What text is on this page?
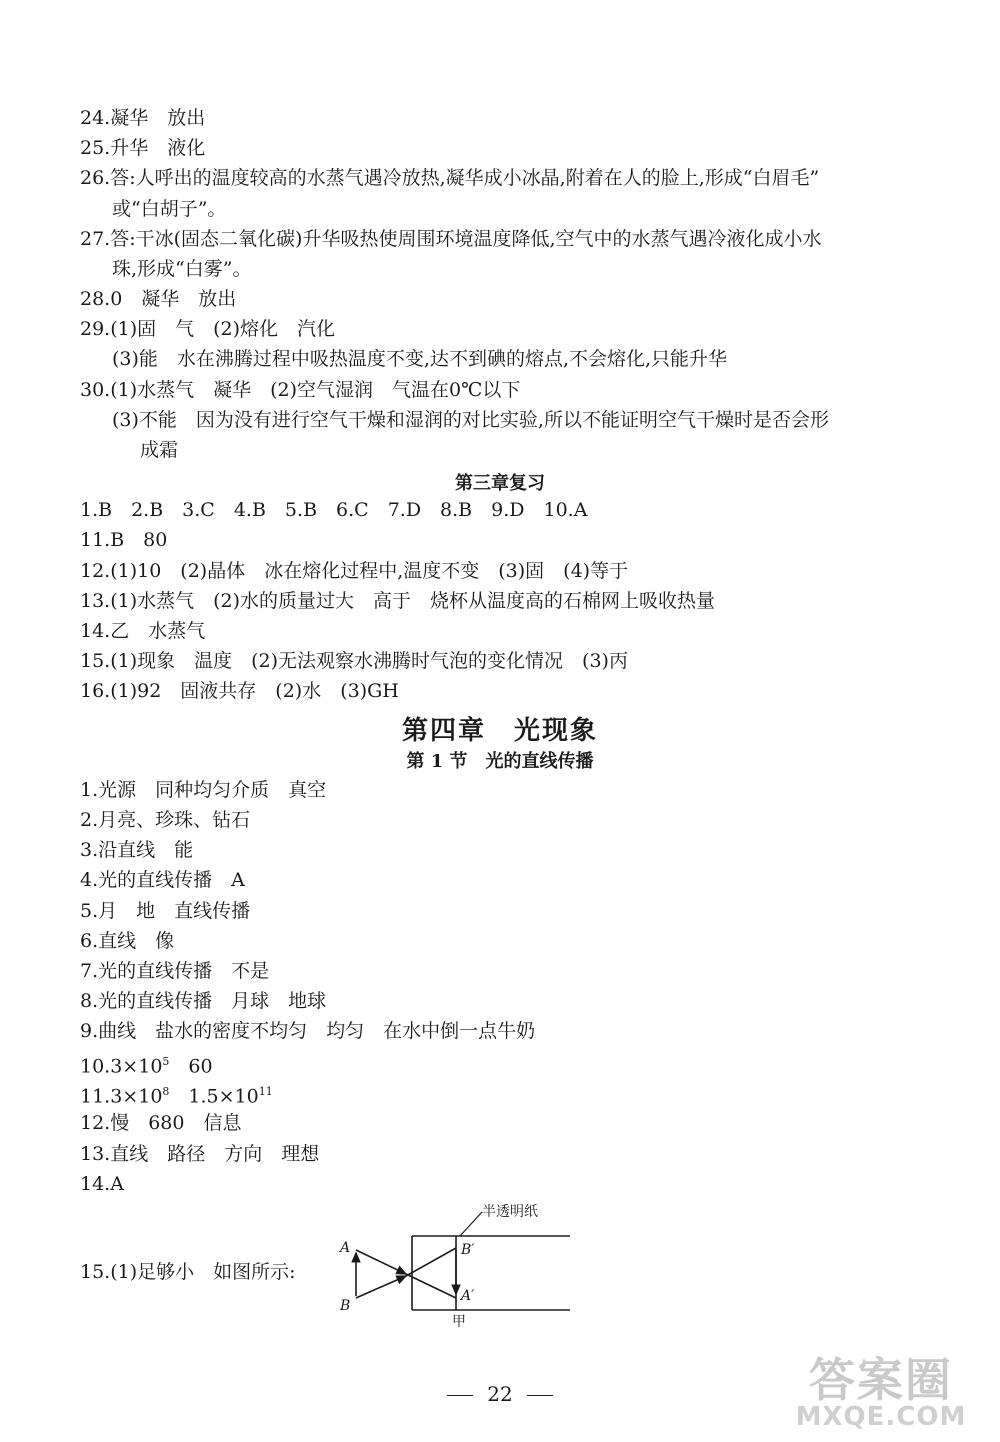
24.凝华　放出
25.升华　液化
26.答:人呼出的温度较高的水蒸气遇冷放热,凝华成小冰晶,附着在人的脸上,形成“白眉毛”
或“白胡子”。
27.答:干冰(固态二氧化碳)升华吸热使周围环境温度降低,空气中的水蒸气遇冷液化成小水
珠,形成“白雾”。
28.0　凝华　放出
29.(1)固　气　(2)熔化　汽化
(3)能　水在沸腾过程中吸热温度不变,达不到碘的熔点,不会熔化,只能升华
30.(1)水蒸气　凝华　(2)空气湿润　气温在0℃以下
(3)不能　因为没有进行空气干燥和湿润的对比实验,所以不能证明空气干燥时是否会形
成霜
第三章复习
1.B　2.B　3.C　4.B　5.B　6.C　7.D　8.B　9.D　10.A
11.B　80
12.(1)10　(2)晶体　冰在熔化过程中,温度不变　(3)固　(4)等于
13.(1)水蒸气　(2)水的质量过大　高于　烧杯从温度高的石棉网上吸收热量
14.乙　水蒸气
15.(1)现象　温度　(2)无法观察水沸腾时气泡的变化情况　(3)丙
16.(1)92　固液共存　(2)水　(3)GH
第四章　光现象
第 1 节　光的直线传播
1.光源　同种均匀介质　真空
2.月亮、珍珠、钻石
3.沿直线　能
4.光的直线传播　A
5.月　地　直线传播
6.直线　像
7.光的直线传播　不是
8.光的直线传播　月球　地球
9.曲线　盐水的密度不均匀　均匀　在水中倒一点牛奶
$10.3\times 10^5$　60
$11.3\times 10^8$　$1.5\times 10^{11}$
12.慢　680　信息
13.直线　路径　方向　理想
14.A
15.(1)足够小　如图所示:
半透明纸
A
B
B′
A′
甲
22	答案圈
MXQE.COM
